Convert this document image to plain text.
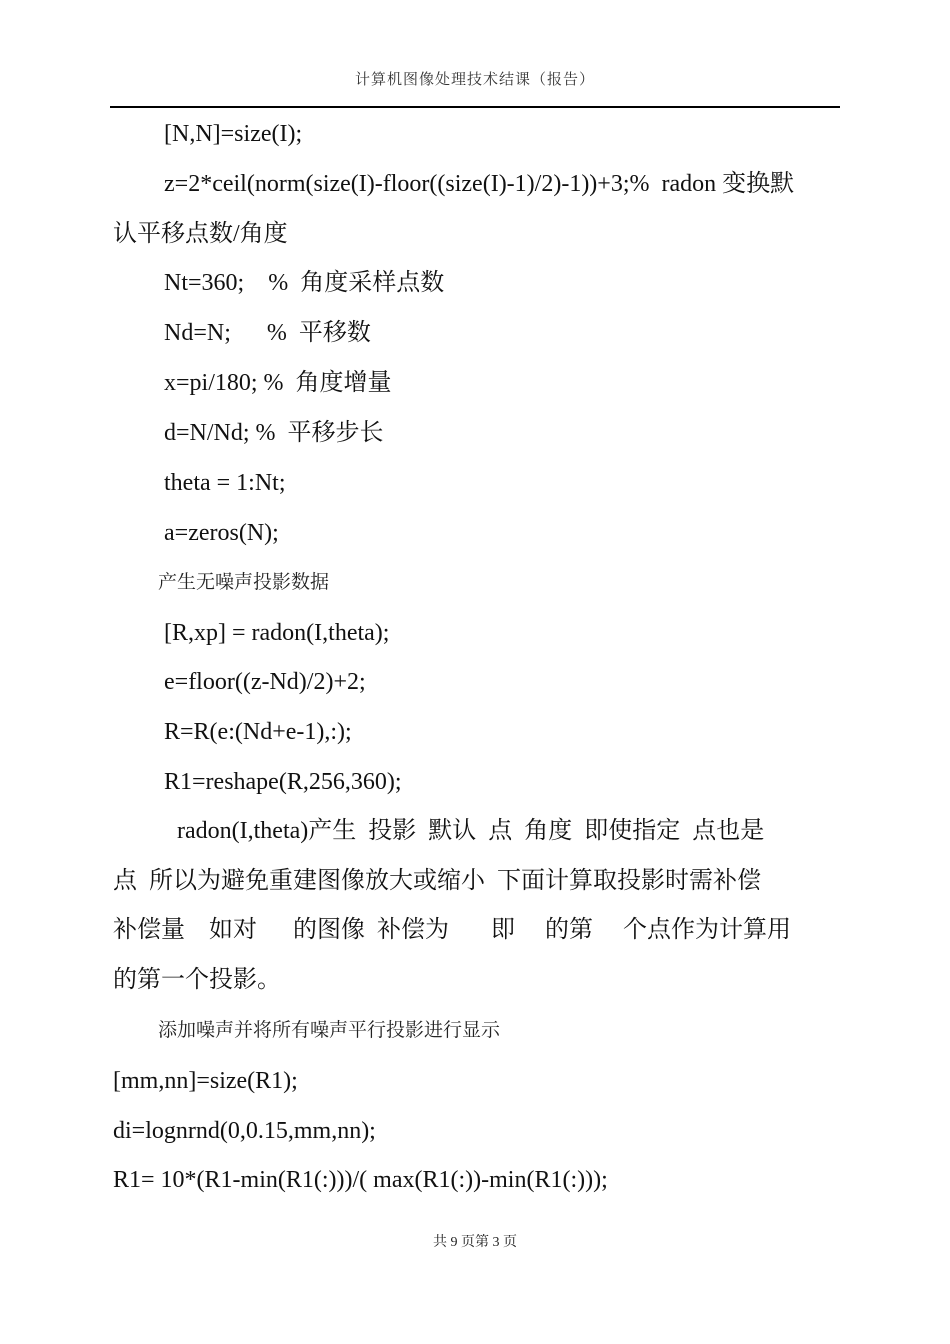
计算机图像处理技术结课（报告）
[N,N]=size(I);
z=2*ceil(norm(size(I)-floor((size(I)-1)/2)-1))+3;%  radon 变换默
认平移点数/角度
Nt=360;    %  角度采样点数
Nd=N;      %  平移数
x=pi/180; %  角度增量
d=N/Nd; %  平移步长
theta = 1:Nt;
a=zeros(N);
产生无噪声投影数据
[R,xp] = radon(I,theta);
e=floor((z-Nd)/2)+2;
R=R(e:(Nd+e-1),:);
R1=reshape(R,256,360);
radon(I,theta)产生  投影  默认  点  角度  即使指定  点也是
点  所以为避免重建图像放大或缩小  下面计算取投影时需补偿
补偿量    如对      的图像  补偿为       即     的第     个点作为计算用
的第一个投影。
添加噪声并将所有噪声平行投影进行显示
[mm,nn]=size(R1);
di=lognrnd(0,0.15,mm,nn);
R1= 10*(R1-min(R1(:)))/( max(R1(:))-min(R1(:)));
共 9 页第 3 页
